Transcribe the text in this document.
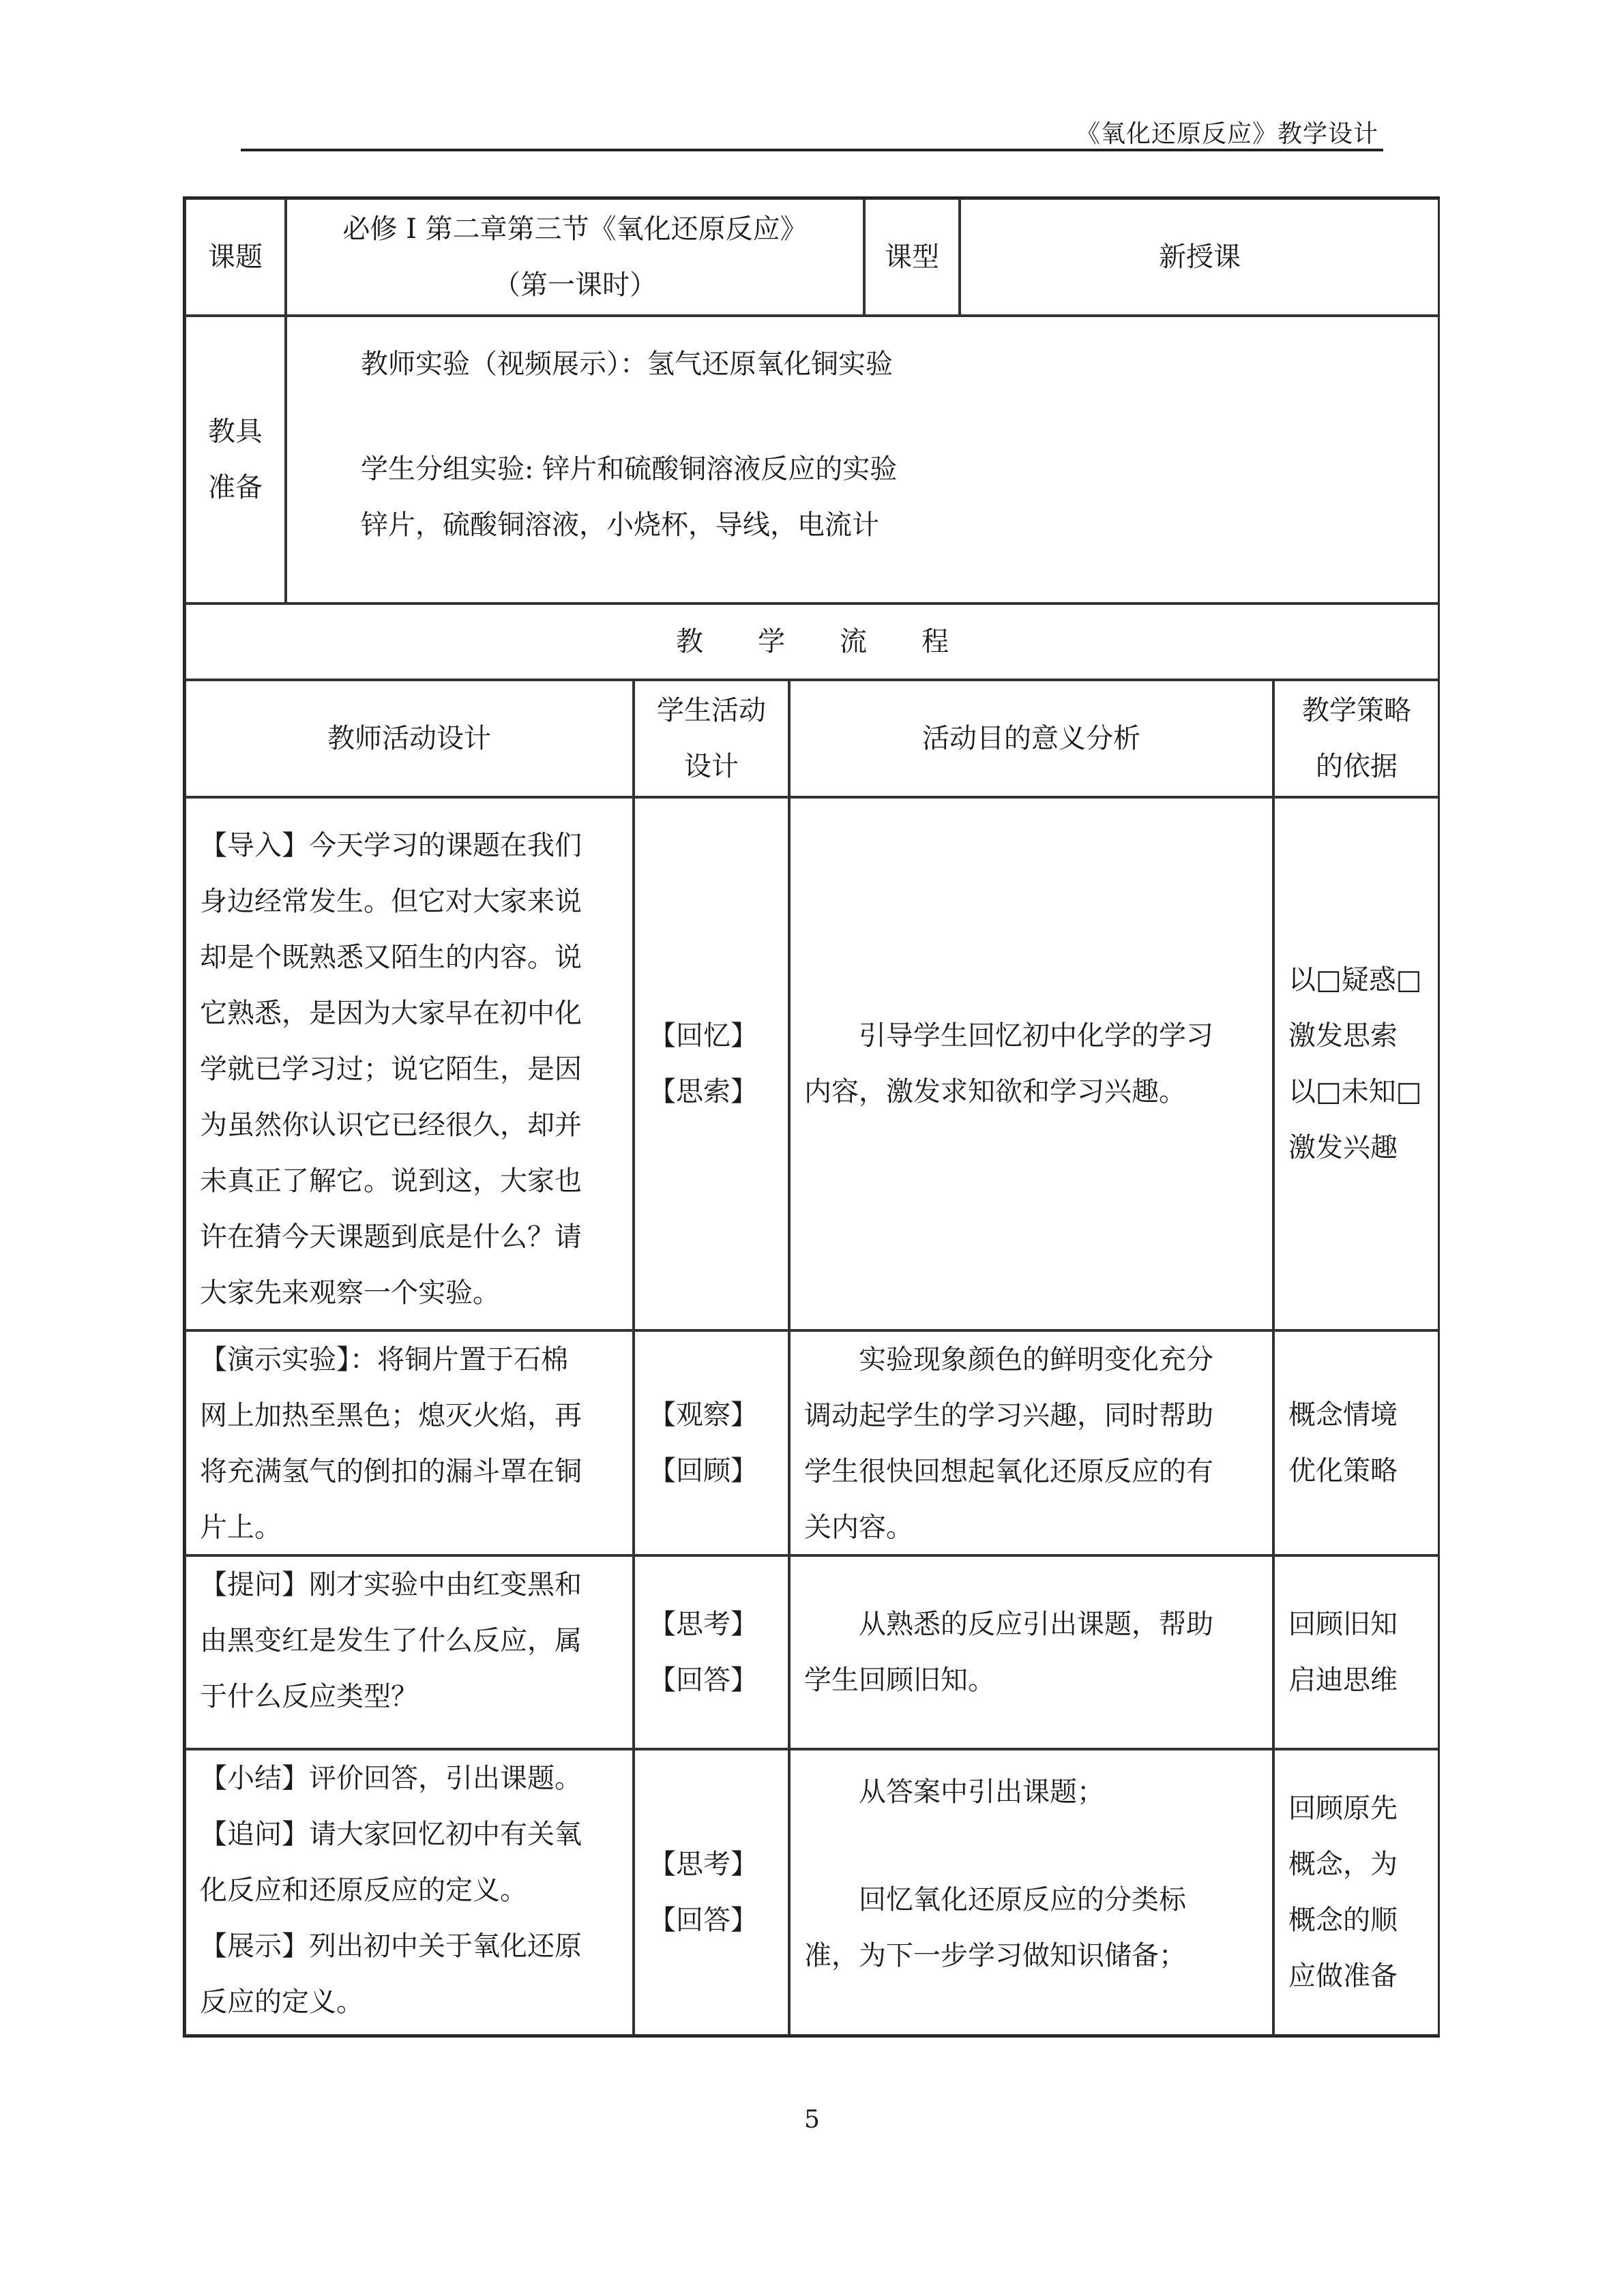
《氧化还原反应》教学设计
课题
必修 I 第二章第三节《氧化还原反应》
（第一课时）
课型	新授课
教具
准备
教师实验（视频展示）：氢气还原氧化铜实验
学生分组实验: 锌片和硫酸铜溶液反应的实验
锌片，硫酸铜溶液，小烧杯，导线，电流计
教　　学　　流　　程
教师活动设计
学生活动
设计
活动目的意义分析
教学策略
的依据
【导入】今天学习的课题在我们
身边经常发生。但它对大家来说
却是个既熟悉又陌生的内容。说
它熟悉，是因为大家早在初中化
学就已学习过；说它陌生，是因
为虽然你认识它已经很久，却并
未真正了解它。说到这，大家也
许在猜今天课题到底是什么？请
大家先来观察一个实验。
【回忆】
【思索】
引导学生回忆初中化学的学习
内容，激发求知欲和学习兴趣。
以□疑惑□
激发思索
以□未知□
激发兴趣
【演示实验】：将铜片置于石棉
网上加热至黑色；熄灭火焰，再
将充满氢气的倒扣的漏斗罩在铜
片上。
【观察】
【回顾】
实验现象颜色的鲜明变化充分
调动起学生的学习兴趣，同时帮助
学生很快回想起氧化还原反应的有
关内容。
概念情境
优化策略
【提问】刚才实验中由红变黑和
由黑变红是发生了什么反应，属
于什么反应类型？
【思考】
【回答】
从熟悉的反应引出课题，帮助
学生回顾旧知。
回顾旧知
启迪思维
【小结】评价回答，引出课题。
【追问】请大家回忆初中有关氧
化反应和还原反应的定义。
【展示】列出初中关于氧化还原
反应的定义。
【思考】
【回答】
从答案中引出课题；
回忆氧化还原反应的分类标
准，为下一步学习做知识储备；
回顾原先
概念，为
概念的顺
应做准备
5
